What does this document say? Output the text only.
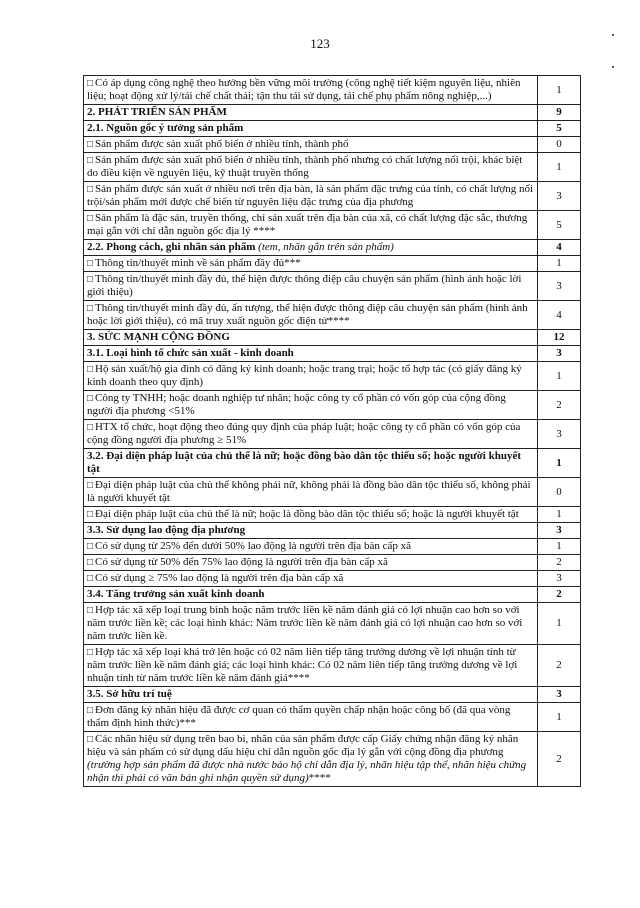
123
□ Có áp dụng công nghệ theo hướng bền vững môi trường (công nghệ tiết kiệm nguyên liệu, nhiên liệu; hoạt động xử lý/tái chế chất thải; tận thu tái sử dụng, tái chế phụ phẩm nông nghiệp,...)	1
2. PHÁT TRIỂN SẢN PHẨM	9
2.1. Nguồn gốc ý tưởng sản phẩm	5
□ Sản phẩm được sản xuất phổ biến ở nhiều tỉnh, thành phố	0
□ Sản phẩm được sản xuất phổ biến ở nhiều tỉnh, thành phố nhưng có chất lượng nổi trội, khác biệt do điều kiện về nguyên liệu, kỹ thuật truyền thống	1
□ Sản phẩm được sản xuất ở nhiều nơi trên địa bàn, là sản phẩm đặc trưng của tỉnh, có chất lượng nổi trội/sản phẩm mới được chế biến từ nguyên liệu đặc trưng của địa phương	3
□ Sản phẩm là đặc sản, truyền thống, chỉ sản xuất trên địa bàn của xã, có chất lượng đặc sắc, thương mại gắn với chỉ dẫn nguồn gốc địa lý ****	5
2.2. Phong cách, ghi nhãn sản phẩm (tem, nhãn gắn trên sản phẩm)	4
□ Thông tin/thuyết minh về sản phẩm đầy đủ***	1
□ Thông tin/thuyết minh đầy đủ, thể hiện được thông điệp câu chuyện sản phẩm (hình ảnh hoặc lời giới thiệu)	3
□ Thông tin/thuyết minh đầy đủ, ấn tượng, thể hiện được thông điệp câu chuyện sản phẩm (hình ảnh hoặc lời giới thiệu), có mã truy xuất nguồn gốc điện tử****	4
3. SỨC MẠNH CỘNG ĐỒNG	12
3.1. Loại hình tổ chức sản xuất - kinh doanh	3
□ Hộ sản xuất/hộ gia đình có đăng ký kinh doanh; hoặc trang trại; hoặc tổ hợp tác (có giấy đăng ký kinh doanh theo quy định)	1
□ Công ty TNHH; hoặc doanh nghiệp tư nhân; hoặc công ty cổ phần có vốn góp của cộng đồng người địa phương <51%	2
□ HTX tổ chức, hoạt động theo đúng quy định của pháp luật; hoặc công ty cổ phần có vốn góp của cộng đồng người địa phương ≥ 51%	3
3.2. Đại diện pháp luật của chủ thể là nữ; hoặc đồng bào dân tộc thiểu số; hoặc người khuyết tật	1
□ Đại diện pháp luật của chủ thể không phải nữ, không phải là đồng bào dân tộc thiểu số, không phải là người khuyết tật	0
□ Đại diện pháp luật của chủ thể là nữ; hoặc là đồng bào dân tộc thiểu số; hoặc là người khuyết tật	1
3.3. Sử dụng lao động địa phương	3
□ Có sử dụng từ 25% đến dưới 50% lao động là người trên địa bàn cấp xã	1
□ Có sử dụng từ 50% đến 75% lao động là người trên địa bàn cấp xã	2
□ Có sử dụng ≥ 75% lao động là người trên địa bàn cấp xã	3
3.4. Tăng trưởng sản xuất kinh doanh	2
□ Hợp tác xã xếp loại trung bình hoặc năm trước liền kề năm đánh giá có lợi nhuận cao hơn so với năm trước liền kề; các loại hình khác: Năm trước liền kề năm đánh giá có lợi nhuận cao hơn so với năm trước liền kề.	1
□ Hợp tác xã xếp loại khá trở lên hoặc có 02 năm liên tiếp tăng trưởng dương về lợi nhuận tính từ năm trước liền kề năm đánh giá; các loại hình khác: Có 02 năm liên tiếp tăng trưởng dương về lợi nhuận tính từ năm trước liền kề năm đánh giá****	2
3.5. Sở hữu trí tuệ	3
□ Đơn đăng ký nhãn hiệu đã được cơ quan có thẩm quyền chấp nhận hoặc công bố (đã qua vòng thẩm định hình thức)***	1
□ Các nhãn hiệu sử dụng trên bao bì, nhãn của sản phẩm được cấp Giấy chứng nhận đăng ký nhãn hiệu và sản phẩm có sử dụng dấu hiệu chỉ dẫn nguồn gốc địa lý gắn với cộng đồng địa phương (trường hợp sản phẩm đã được nhà nước bảo hộ chỉ dẫn địa lý, nhãn hiệu tập thể, nhãn hiệu chứng nhận thì phải có văn bản ghi nhận quyền sử dụng)****	2
